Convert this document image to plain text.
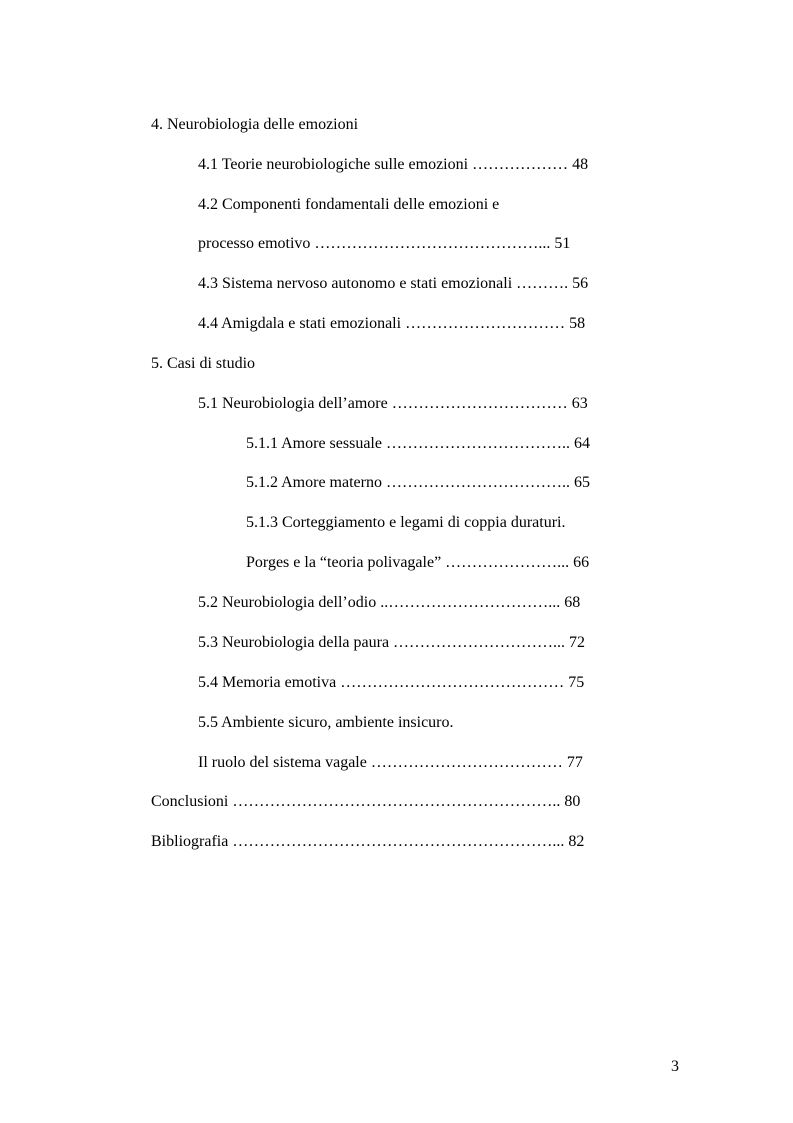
4. Neurobiologia delle emozioni
4.1 Teorie neurobiologiche sulle emozioni ……………… 48
4.2 Componenti fondamentali delle emozioni e
processo emotivo ……………………………………... 51
4.3 Sistema nervoso autonomo e stati emozionali ………. 56
4.4 Amigdala e stati emozionali ………………………… 58
5. Casi di studio
5.1 Neurobiologia dell’amore …………………………… 63
5.1.1 Amore sessuale …………………………….. 64
5.1.2 Amore materno …………………………….. 65
5.1.3 Corteggiamento e legami di coppia duraturi.
Porges e la “teoria polivagale” …………………... 66
5.2 Neurobiologia dell’odio ..…………………………... 68
5.3 Neurobiologia della paura …………………………... 72
5.4 Memoria emotiva …………………………………… 75
5.5 Ambiente sicuro, ambiente insicuro.
Il ruolo del sistema vagale ……………………………… 77
Conclusioni …………………………………………………….. 80
Bibliografia ……………………………………………………... 82
3
